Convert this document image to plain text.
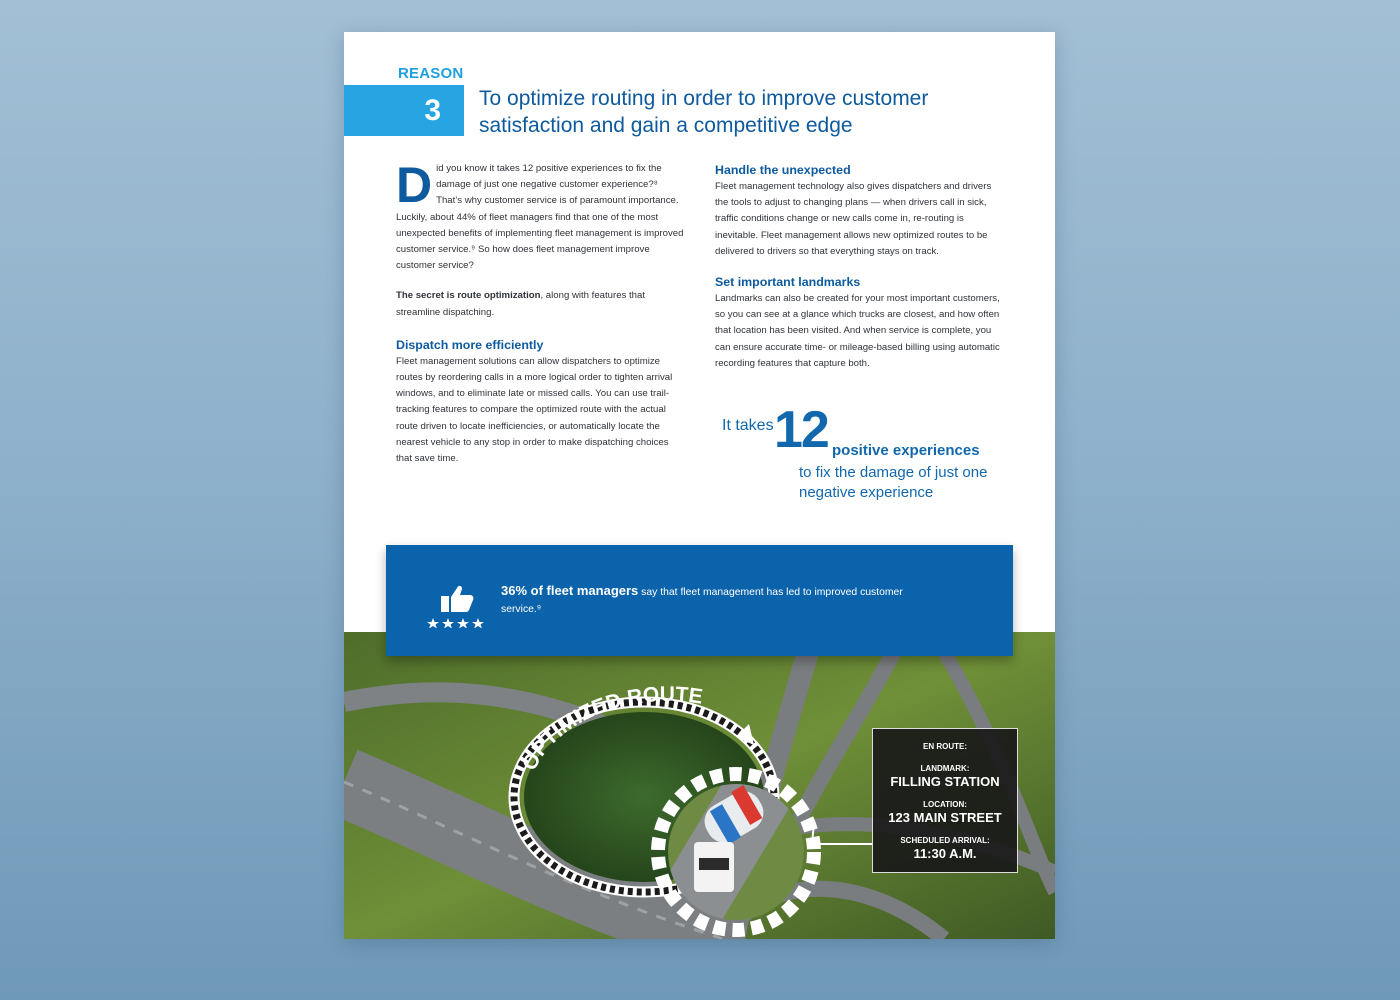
REASON
3	To optimize routing in order to improve customer satisfaction and gain a competitive edge

Did you know it takes 12 positive experiences to fix the damage of just one negative customer experience?⁸ That’s why customer service is of paramount importance. Luckily, about 44% of fleet managers find that one of the most unexpected benefits of implementing fleet management is improved customer service.⁹ So how does fleet management improve customer service?

The secret is route optimization, along with features that streamline dispatching.

Dispatch more efficiently

Fleet management solutions can allow dispatchers to optimize routes by reordering calls in a more logical order to tighten arrival windows, and to eliminate late or missed calls. You can use trail-tracking features to compare the optimized route with the actual route driven to locate inefficiencies, or automatically locate the nearest vehicle to any stop in order to make dispatching choices that save time.

Handle the unexpected

Fleet management technology also gives dispatchers and drivers the tools to adjust to changing plans — when drivers call in sick, traffic conditions change or new calls come in, re-routing is inevitable. Fleet management allows new optimized routes to be delivered to drivers so that everything stays on track.

Set important landmarks

Landmarks can also be created for your most important customers, so you can see at a glance which trucks are closest, and how often that location has been visited. And when service is complete, you can ensure accurate time- or mileage-based billing using automatic recording features that capture both.

It takes 12 positive experiences
to fix the damage of just one negative experience
OPTIMIZED ROUTE
36% of fleet managers say that fleet management has led to improved customer service.⁹
EN ROUTE:
LANDMARK:
FILLING STATION
LOCATION:
123 MAIN STREET
SCHEDULED ARRIVAL:
11:30 A.M.
